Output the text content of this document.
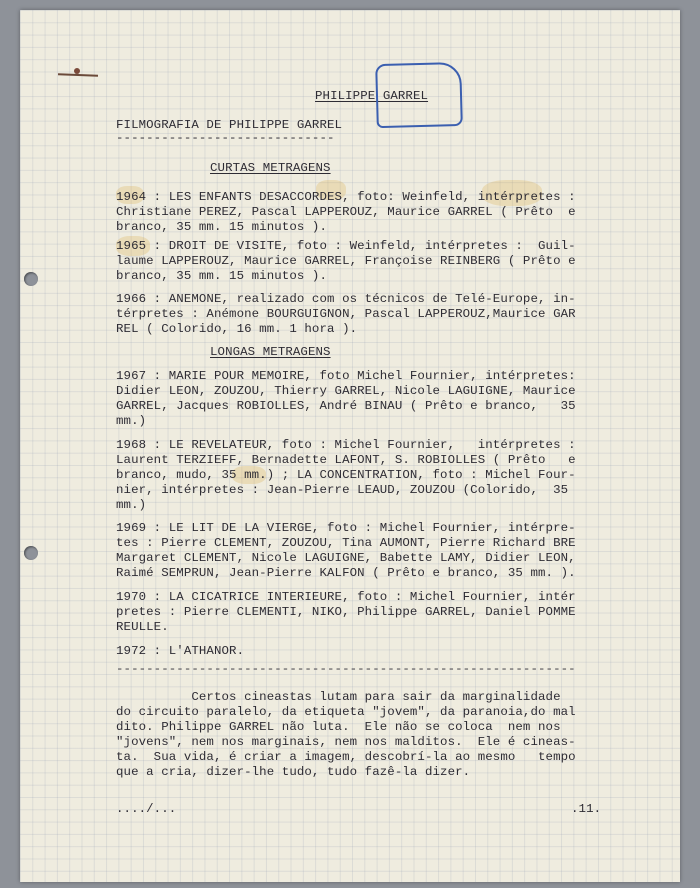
PHILIPPE GARREL
FILMOGRAFIA DE PHILIPPE GARREL
-----------------------------
CURTAS METRAGENS
1964 : LES ENFANTS DESACCORDES, foto: Weinfeld, intérpretes :
Christiane PEREZ, Pascal LAPPEROUZ, Maurice GARREL ( Prêto  e
branco, 35 mm. 15 minutos ).
1965 : DROIT DE VISITE, foto : Weinfeld, intérpretes :  Guil-
laume LAPPEROUZ, Maurice GARREL, Françoise REINBERG ( Prêto e
branco, 35 mm. 15 minutos ).
1966 : ANEMONE, realizado com os técnicos de Telé-Europe, in-
térpretes : Anémone BOURGUIGNON, Pascal LAPPEROUZ,Maurice GAR
REL ( Colorido, 16 mm. 1 hora ).
LONGAS METRAGENS
1967 : MARIE POUR MEMOIRE, foto Michel Fournier, intérpretes:
Didier LEON, ZOUZOU, Thierry GARREL, Nicole LAGUIGNE, Maurice
GARREL, Jacques ROBIOLLES, André BINAU ( Prêto e branco,   35
mm.)
1968 : LE REVELATEUR, foto : Michel Fournier,   intérpretes :
Laurent TERZIEFF, Bernadette LAFONT, S. ROBIOLLES ( Prêto   e
branco, mudo, 35 mm.) ; LA CONCENTRATION, foto : Michel Four-
nier, intérpretes : Jean-Pierre LEAUD, ZOUZOU (Colorido,  35
mm.)
1969 : LE LIT DE LA VIERGE, foto : Michel Fournier, intérpre-
tes : Pierre CLEMENT, ZOUZOU, Tina AUMONT, Pierre Richard BRE
Margaret CLEMENT, Nicole LAGUIGNE, Babette LAMY, Didier LEON,
Raimé SEMPRUN, Jean-Pierre KALFON ( Prêto e branco, 35 mm. ).
1970 : LA CICATRICE INTERIEURE, foto : Michel Fournier, intér
pretes : Pierre CLEMENTI, NIKO, Philippe GARREL, Daniel POMME
REULLE.
1972 : L'ATHANOR.
-------------------------------------------------------------
Certos cineastas lutam para sair da marginalidade
do circuito paralelo, da etiqueta "jovem", da paranoia,do mal
dito. Philippe GARREL não luta.  Ele não se coloca  nem nos
"jovens", nem nos marginais, nem nos malditos.  Ele é cineas-
ta.  Sua vida, é criar a imagem, descobrí-la ao mesmo   tempo
que a cria, dizer-lhe tudo, tudo fazê-la dizer.
..../...	.11.
